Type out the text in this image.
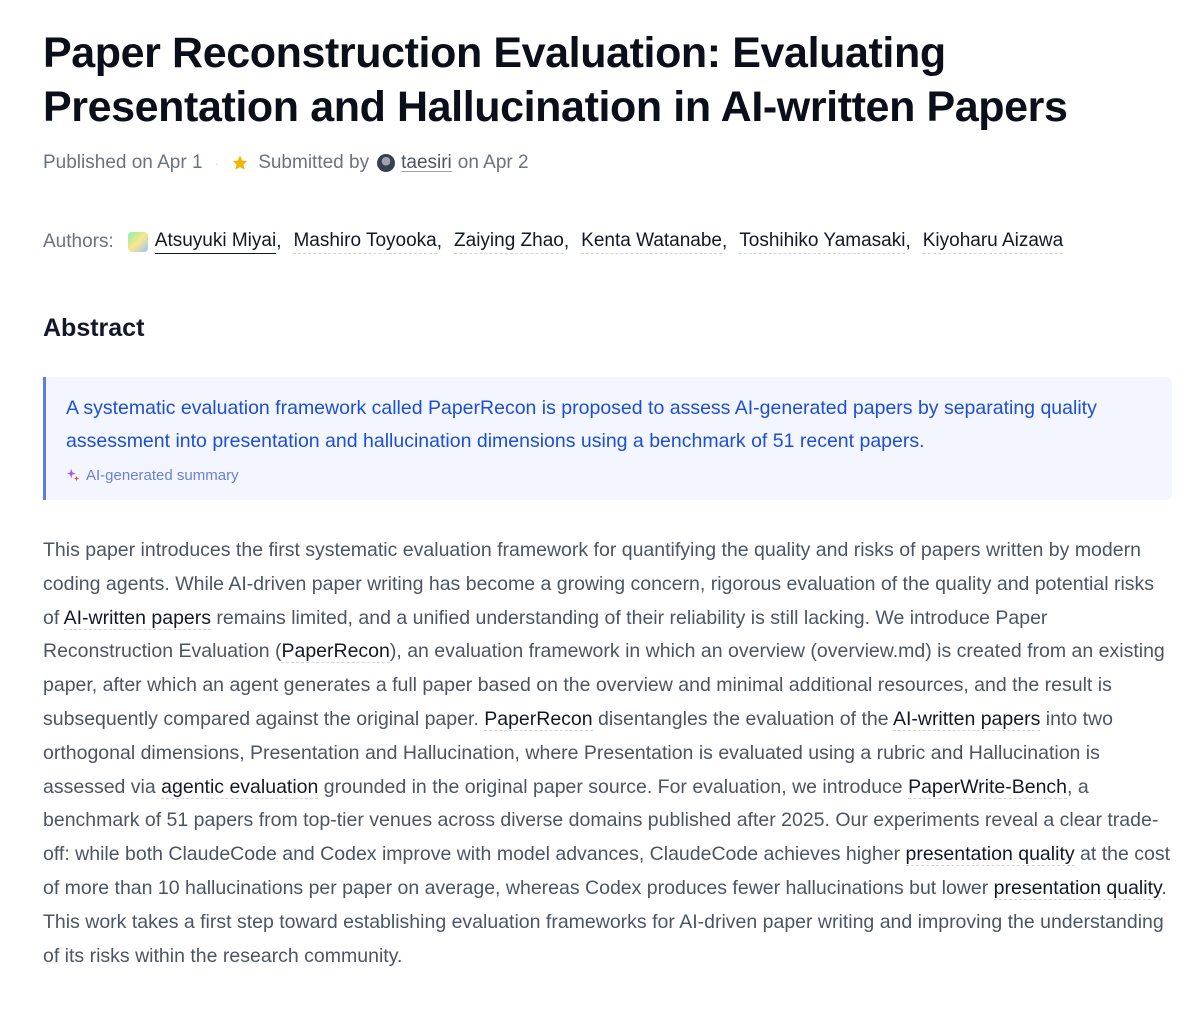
Paper Reconstruction Evaluation: Evaluating Presentation and Hallucination in AI-written Papers
Published on Apr 1 · Submitted by taesiri on Apr 2
Authors: Atsuyuki Miyai , Mashiro Toyooka , Zaiying Zhao , Kenta Watanabe , Toshihiko Yamasaki , Kiyoharu Aizawa
Abstract

A systematic evaluation framework called PaperRecon is proposed to assess AI-generated papers by separating quality assessment into presentation and hallucination dimensions using a benchmark of 51 recent papers.

AI-generated summary

This paper introduces the first systematic evaluation framework for quantifying the quality and risks of papers written by modern coding agents. While AI-driven paper writing has become a growing concern, rigorous evaluation of the quality and potential risks of AI-written papers remains limited, and a unified understanding of their reliability is still lacking. We introduce Paper Reconstruction Evaluation (PaperRecon), an evaluation framework in which an overview (overview.md) is created from an existing paper, after which an agent generates a full paper based on the overview and minimal additional resources, and the result is subsequently compared against the original paper. PaperRecon disentangles the evaluation of the AI-written papers into two orthogonal dimensions, Presentation and Hallucination, where Presentation is evaluated using a rubric and Hallucination is assessed via agentic evaluation grounded in the original paper source. For evaluation, we introduce PaperWrite-Bench, a benchmark of 51 papers from top-tier venues across diverse domains published after 2025. Our experiments reveal a clear trade-off: while both ClaudeCode and Codex improve with model advances, ClaudeCode achieves higher presentation quality at the cost of more than 10 hallucinations per paper on average, whereas Codex produces fewer hallucinations but lower presentation quality. This work takes a first step toward establishing evaluation frameworks for AI-driven paper writing and improving the understanding of its risks within the research community.
